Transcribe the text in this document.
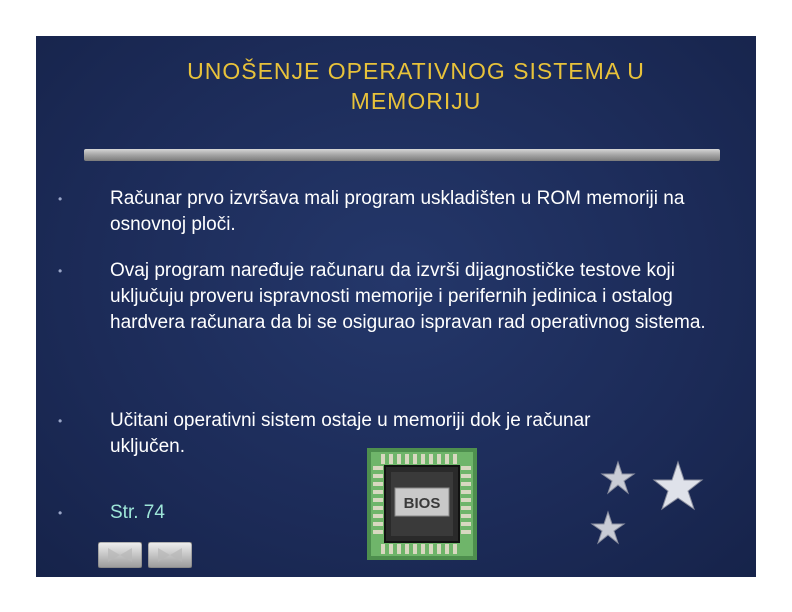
UNOŠENJE OPERATIVNOG SISTEMA U
MEMORIJU
•	Računar prvo izvršava mali program uskladišten u ROM memoriji na osnovnoj ploči.
•	Ovaj program naređuje računaru da izvrši dijagnostičke testove koji uključuju proveru ispravnosti memorije i perifernih jedinica i ostalog hardvera računara da bi se osigurao ispravan rad operativnog sistema.
•	Učitani operativni sistem ostaje u memoriji dok je računar uključen.
•	Str. 74	BIOS
